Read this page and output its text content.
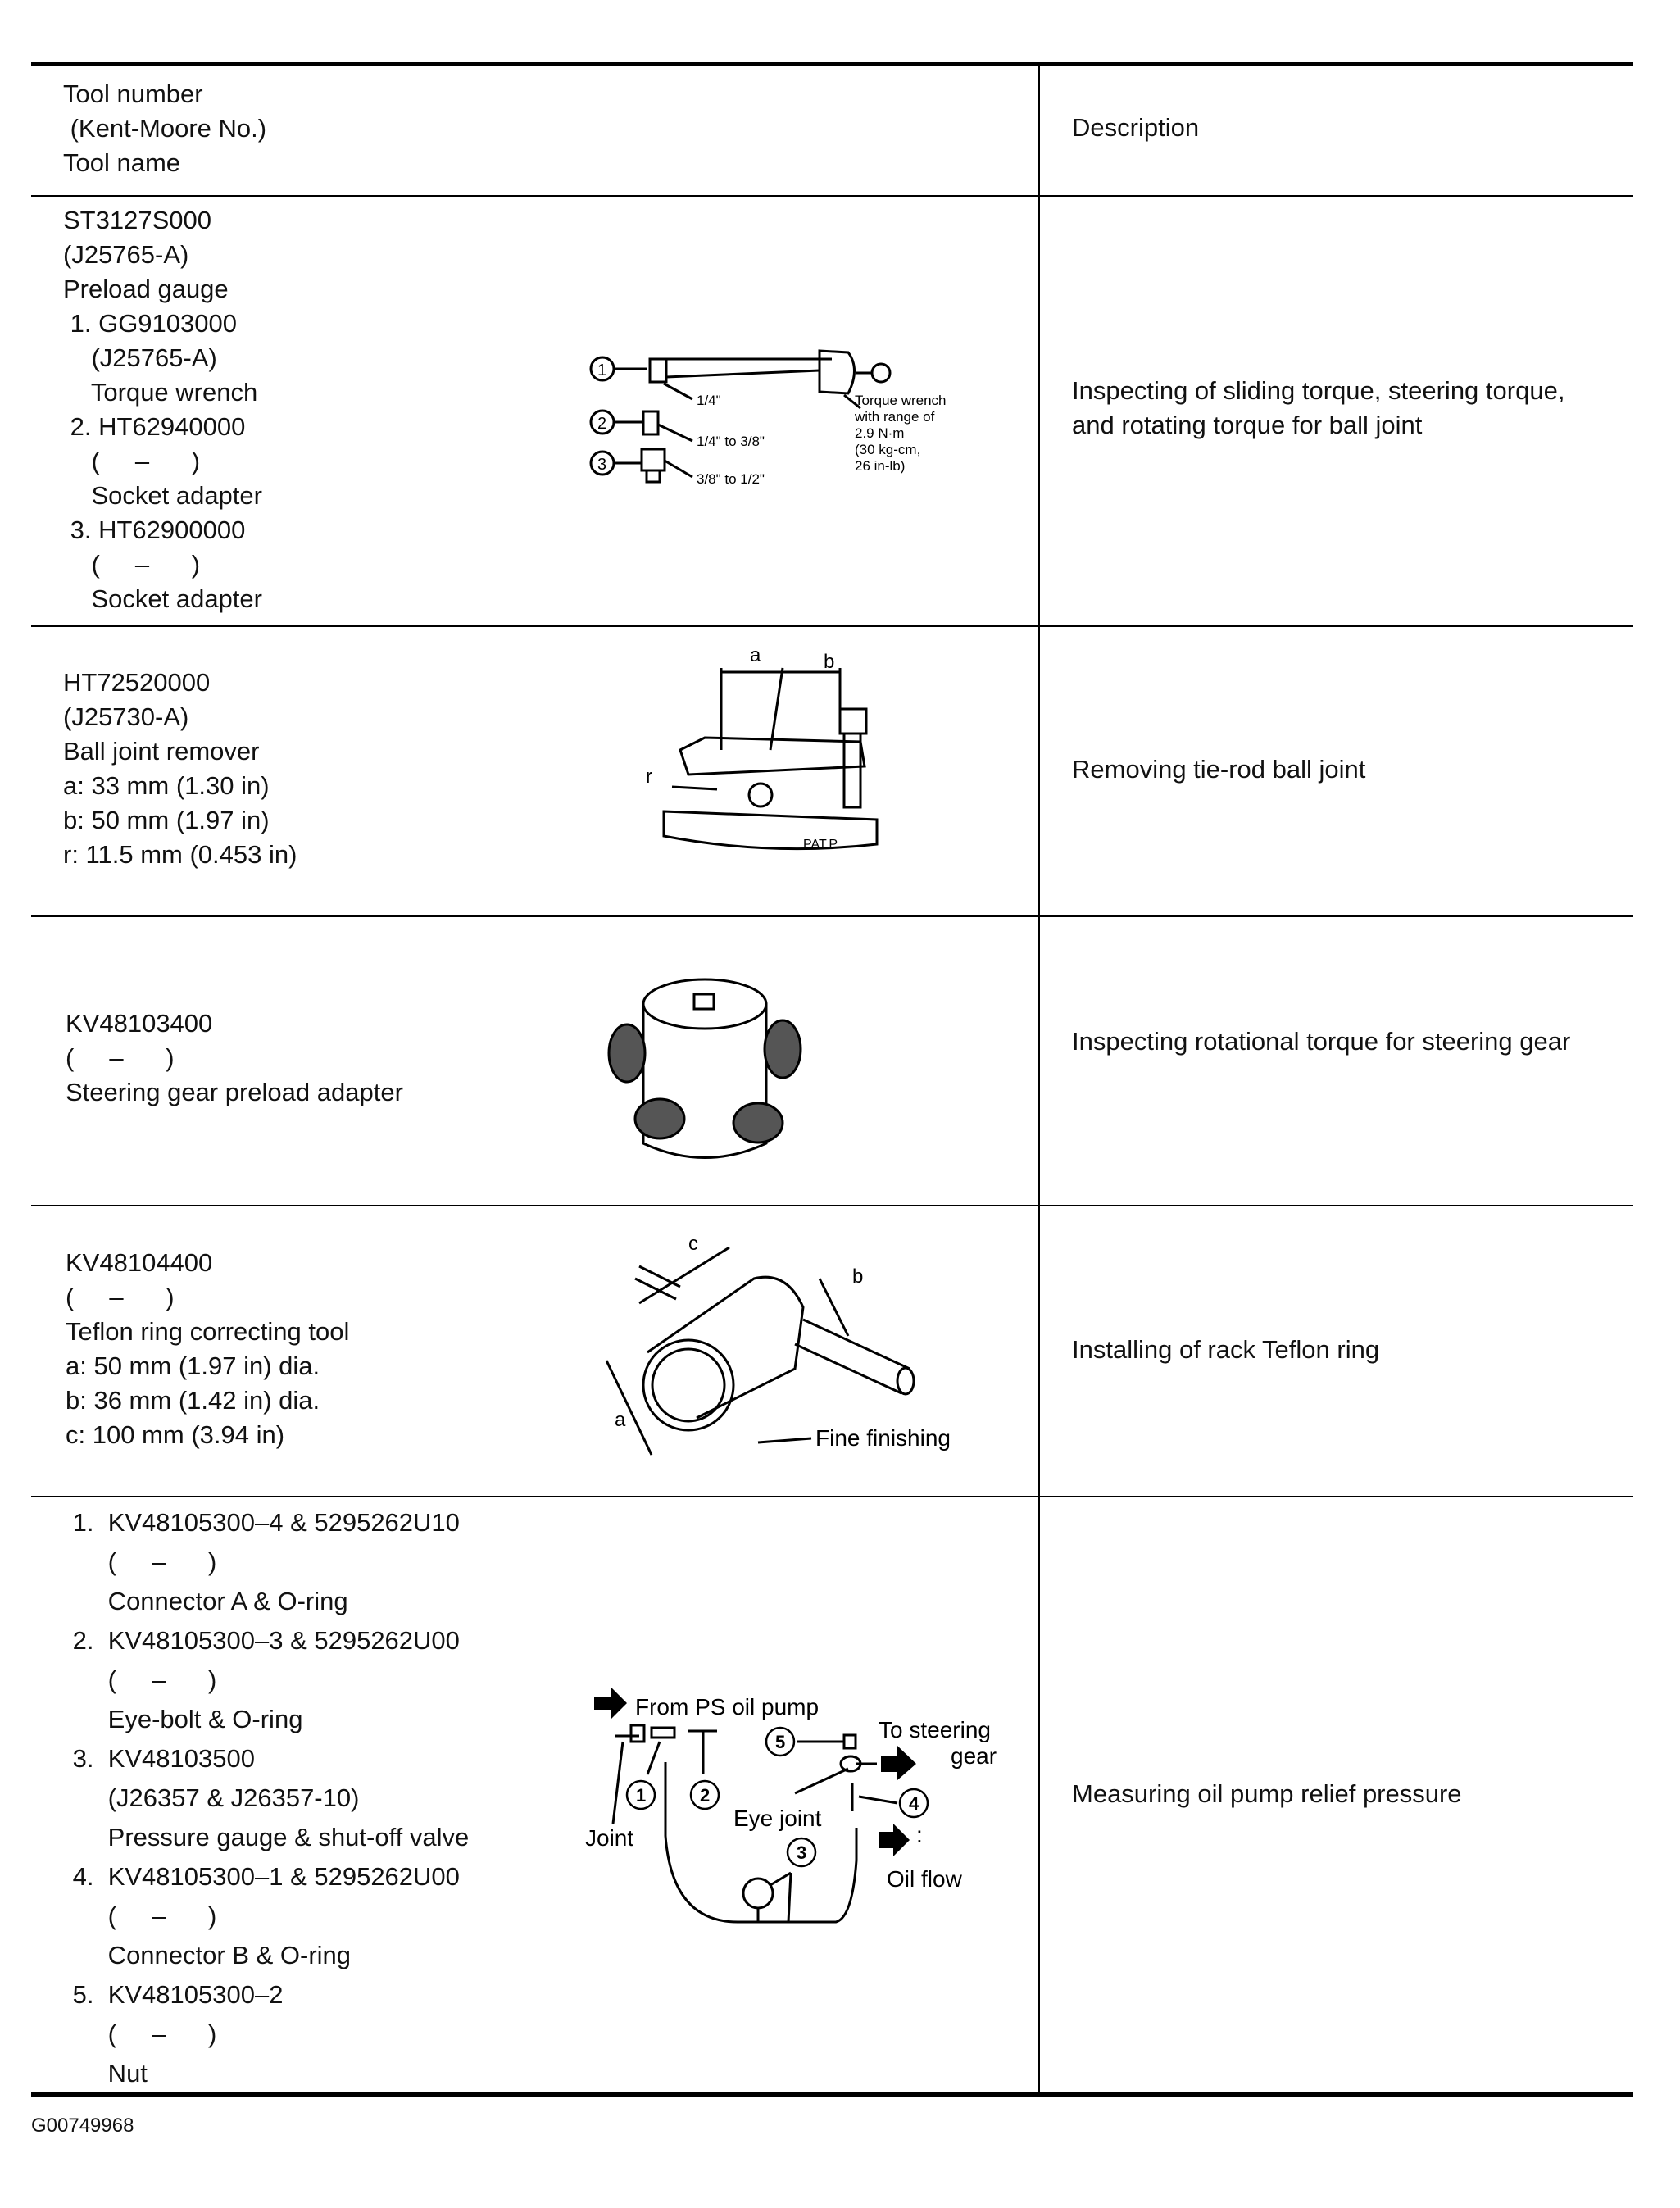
Tool number
(Kent-Moore No.)
Tool name
Description
ST3127S000
(J25765-A)
Preload gauge
1. GG9103000
(J25765-A)
Torque wrench
2. HT62940000
(     –      )
Socket adapter
3. HT62900000
(     –      )
Socket adapter
1
2
3
1/4"
1/4" to 3/8"
3/8" to 1/2"
Torque wrench
with range of
2.9 N·m
(30 kg-cm,
26 in-lb)
Inspecting of sliding torque, steering torque, and rotating torque for ball joint
HT72520000
(J25730-A)
Ball joint remover
a: 33 mm (1.30 in)
b: 50 mm (1.97 in)
r: 11.5 mm (0.453 in)
a	b
r
PAT.P
Removing tie-rod ball joint
KV48103400
(     –      )
Steering gear preload adapter
Inspecting rotational torque for steering gear
KV48104400
(     –      )
Teflon ring correcting tool
a: 50 mm (1.97 in) dia.
b: 36 mm (1.42 in) dia.
c: 100 mm (3.94 in)
a
b
c
Fine finishing
Installing of rack Teflon ring
1.  KV48105300–4 & 5295262U10
(     –      )
Connector A & O-ring
2.  KV48105300–3 & 5295262U00
(     –      )
Eye-bolt & O-ring
3.  KV48103500
(J26357 & J26357-10)
Pressure gauge & shut-off valve
4.  KV48105300–1 & 5295262U00
(     –      )
Connector B & O-ring
5.  KV48105300–2
(     –      )
Nut
1	2
3
4
5
From PS oil pump
To steering
gear
Joint
Eye joint
:
Oil flow
Measuring oil pump relief pressure
G00749968
